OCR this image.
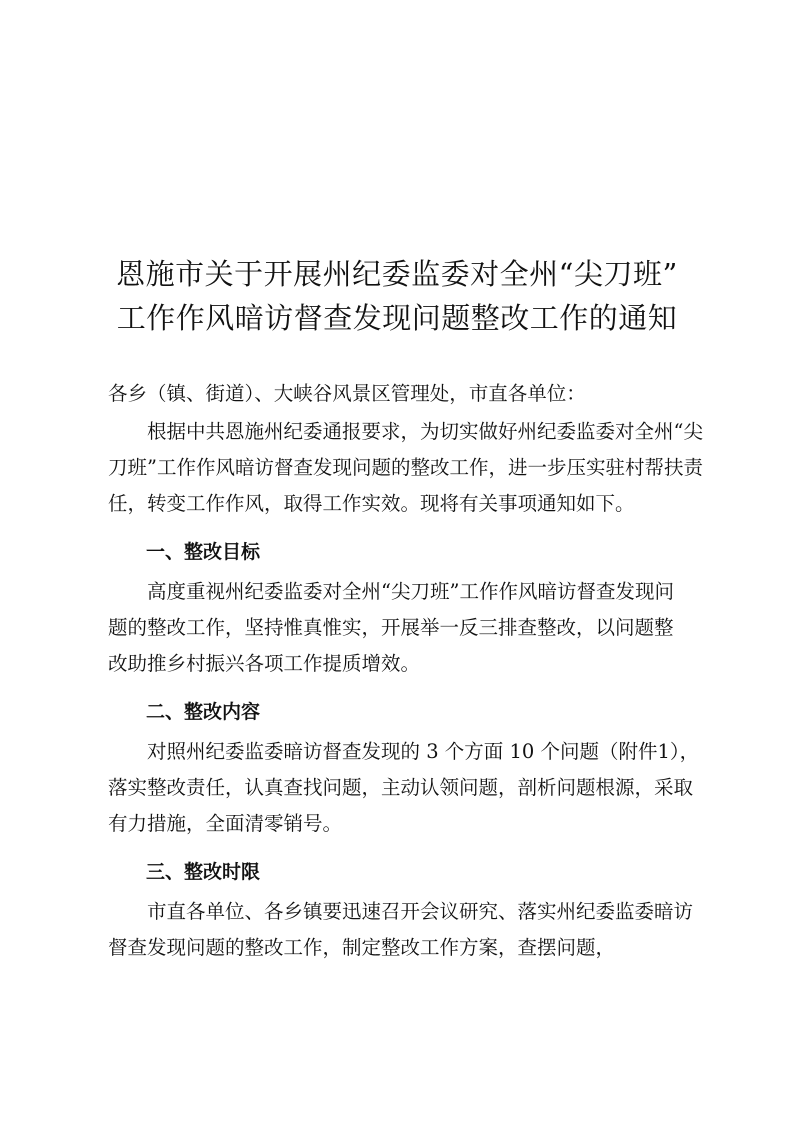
恩施市关于开展州纪委监委对全州“尖刀班”
工作作风暗访督查发现问题整改工作的通知

各乡（镇、街道）、大峡谷风景区管理处，市直各单位：

根据中共恩施州纪委通报要求，为切实做好州纪委监委对全州“尖刀班”工作作风暗访督查发现问题的整改工作，进一步压实驻村帮扶责任，转变工作作风，取得工作实效。现将有关事项通知如下。

一、整改目标

高度重视州纪委监委对全州“尖刀班”工作作风暗访督查发现问题的整改工作，坚持惟真惟实，开展举一反三排查整改，以问题整改助推乡村振兴各项工作提质增效。

二、整改内容

对照州纪委监委暗访督查发现的 3 个方面 10 个问题（附件1），落实整改责任，认真查找问题，主动认领问题，剖析问题根源，采取有力措施，全面清零销号。

三、整改时限

市直各单位、各乡镇要迅速召开会议研究、落实州纪委监委暗访督查发现问题的整改工作，制定整改工作方案，查摆问题，
